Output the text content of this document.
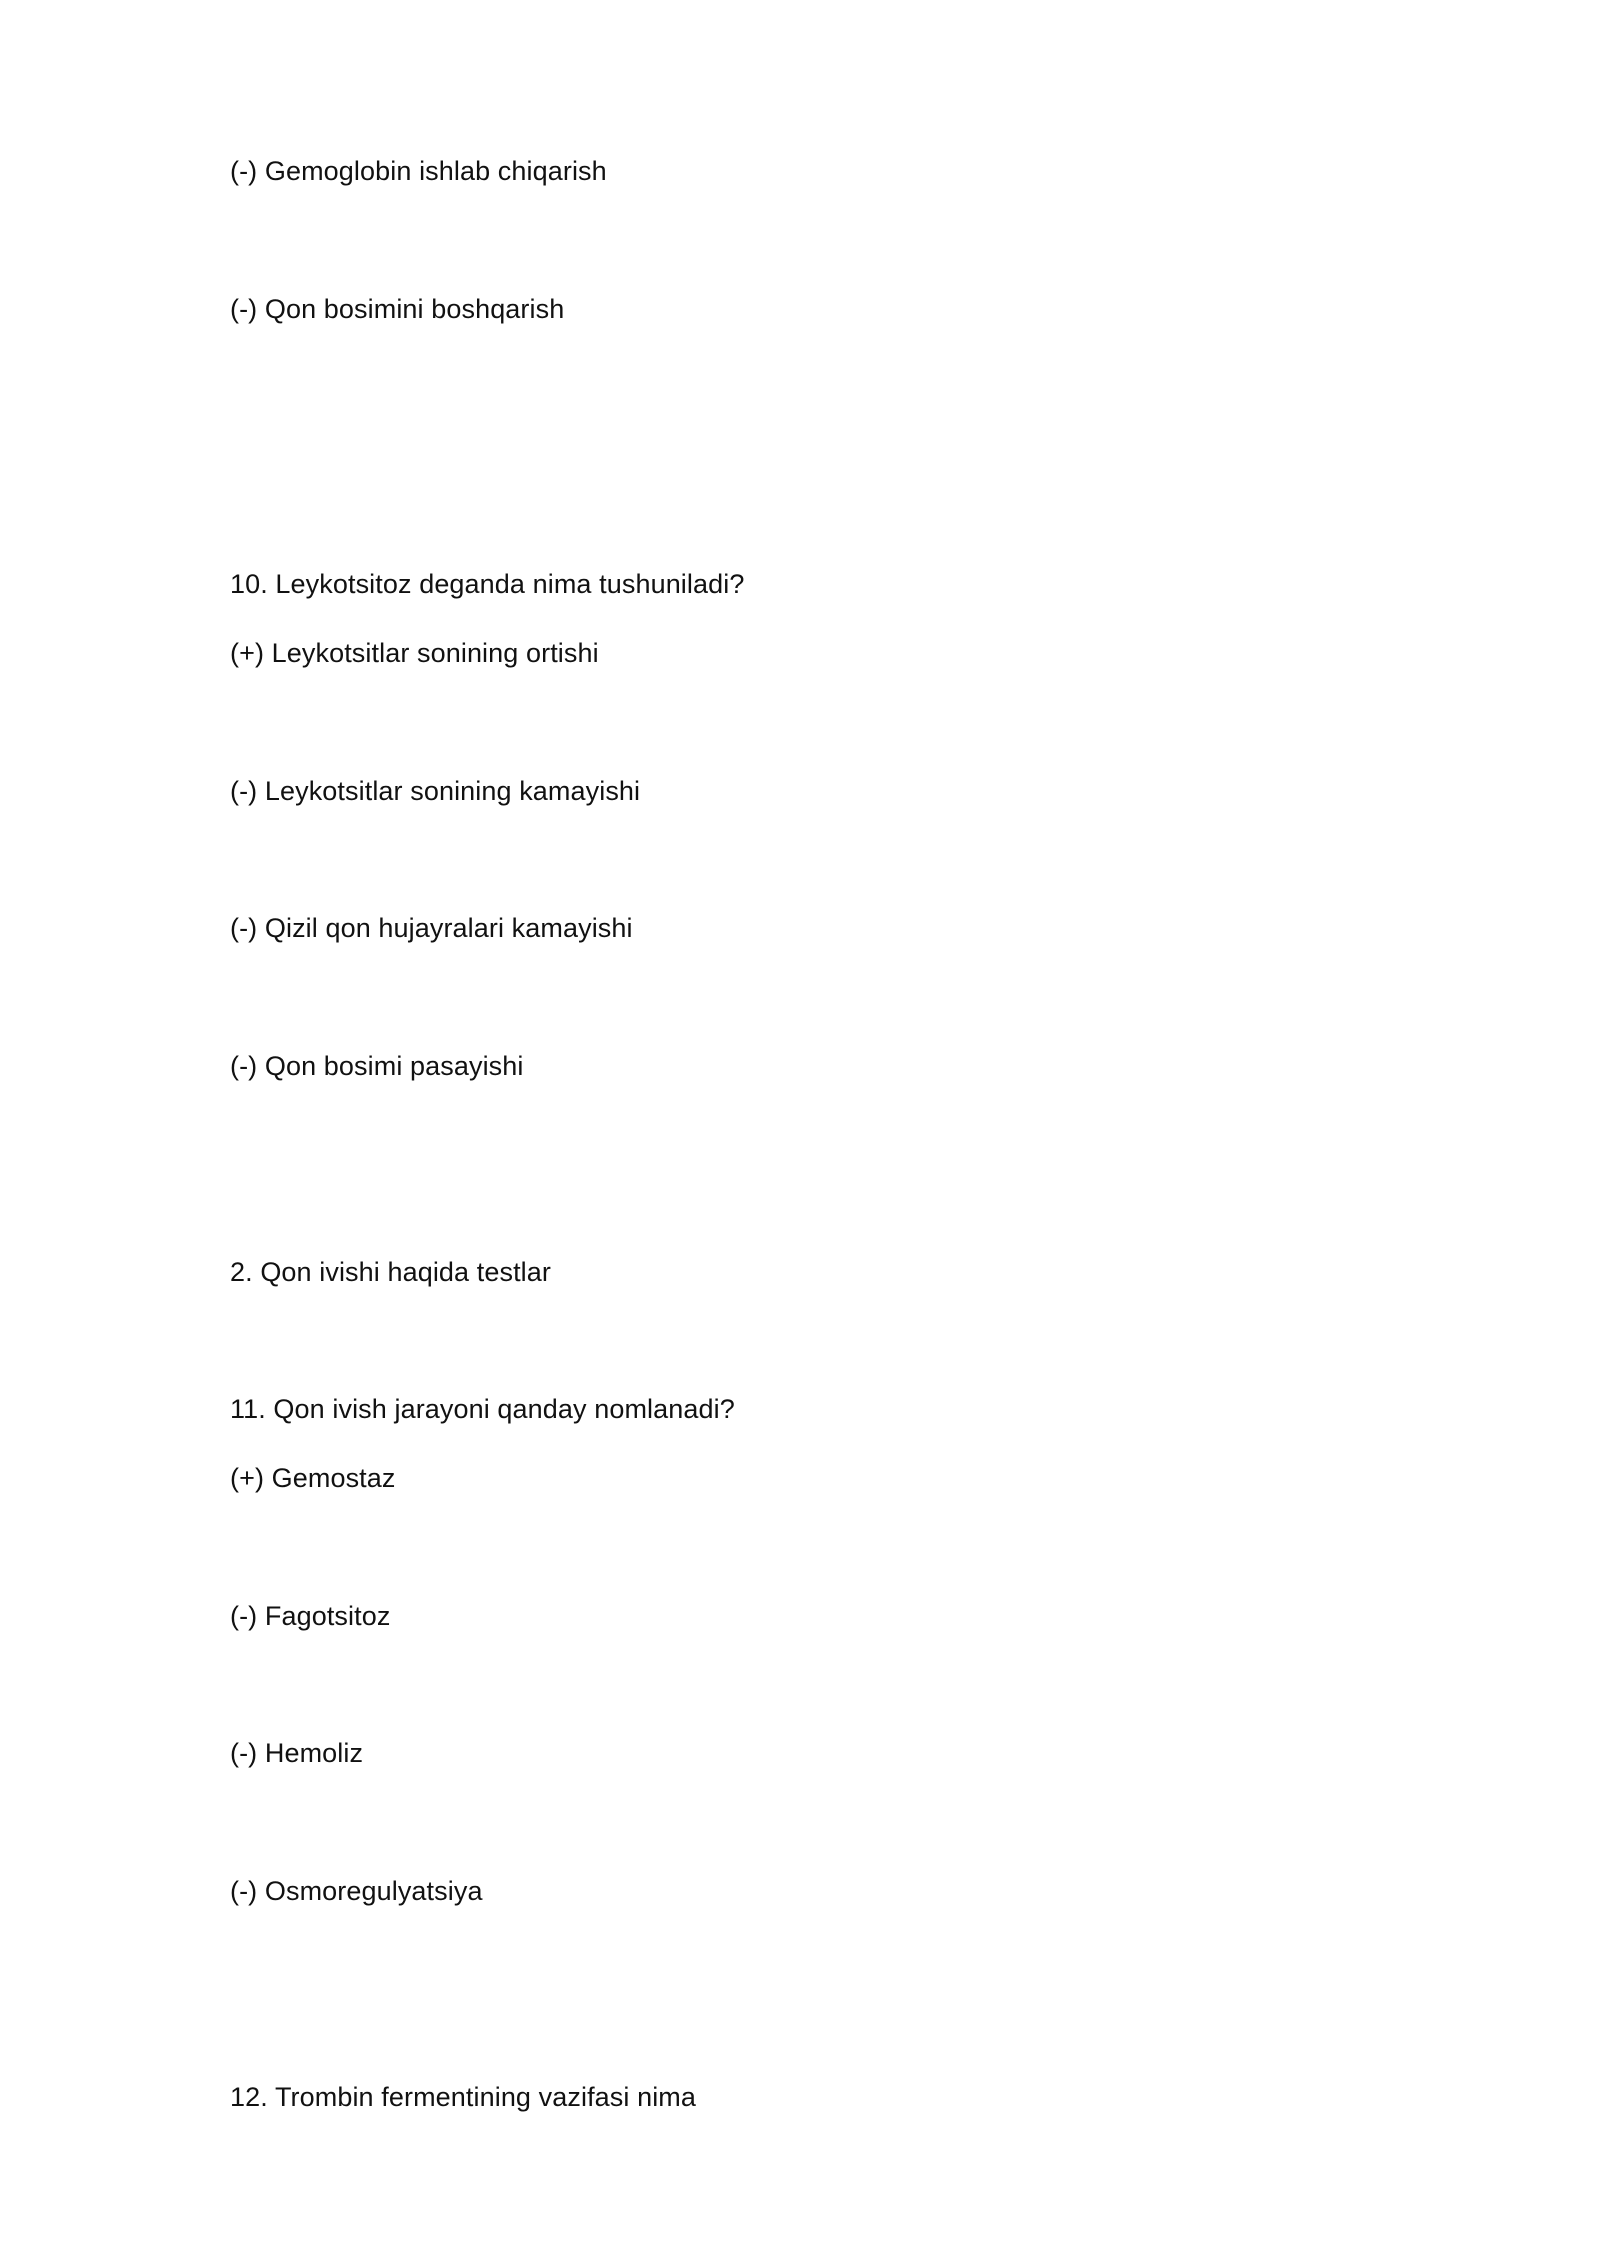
(-) Gemoglobin ishlab chiqarish
(-) Qon bosimini boshqarish
10. Leykotsitoz deganda nima tushuniladi?
(+) Leykotsitlar sonining ortishi
(-) Leykotsitlar sonining kamayishi
(-) Qizil qon hujayralari kamayishi
(-) Qon bosimi pasayishi
2. Qon ivishi haqida testlar
11. Qon ivish jarayoni qanday nomlanadi?
(+) Gemostaz
(-) Fagotsitoz
(-) Hemoliz
(-) Osmoregulyatsiya
12. Trombin fermentining vazifasi nima
